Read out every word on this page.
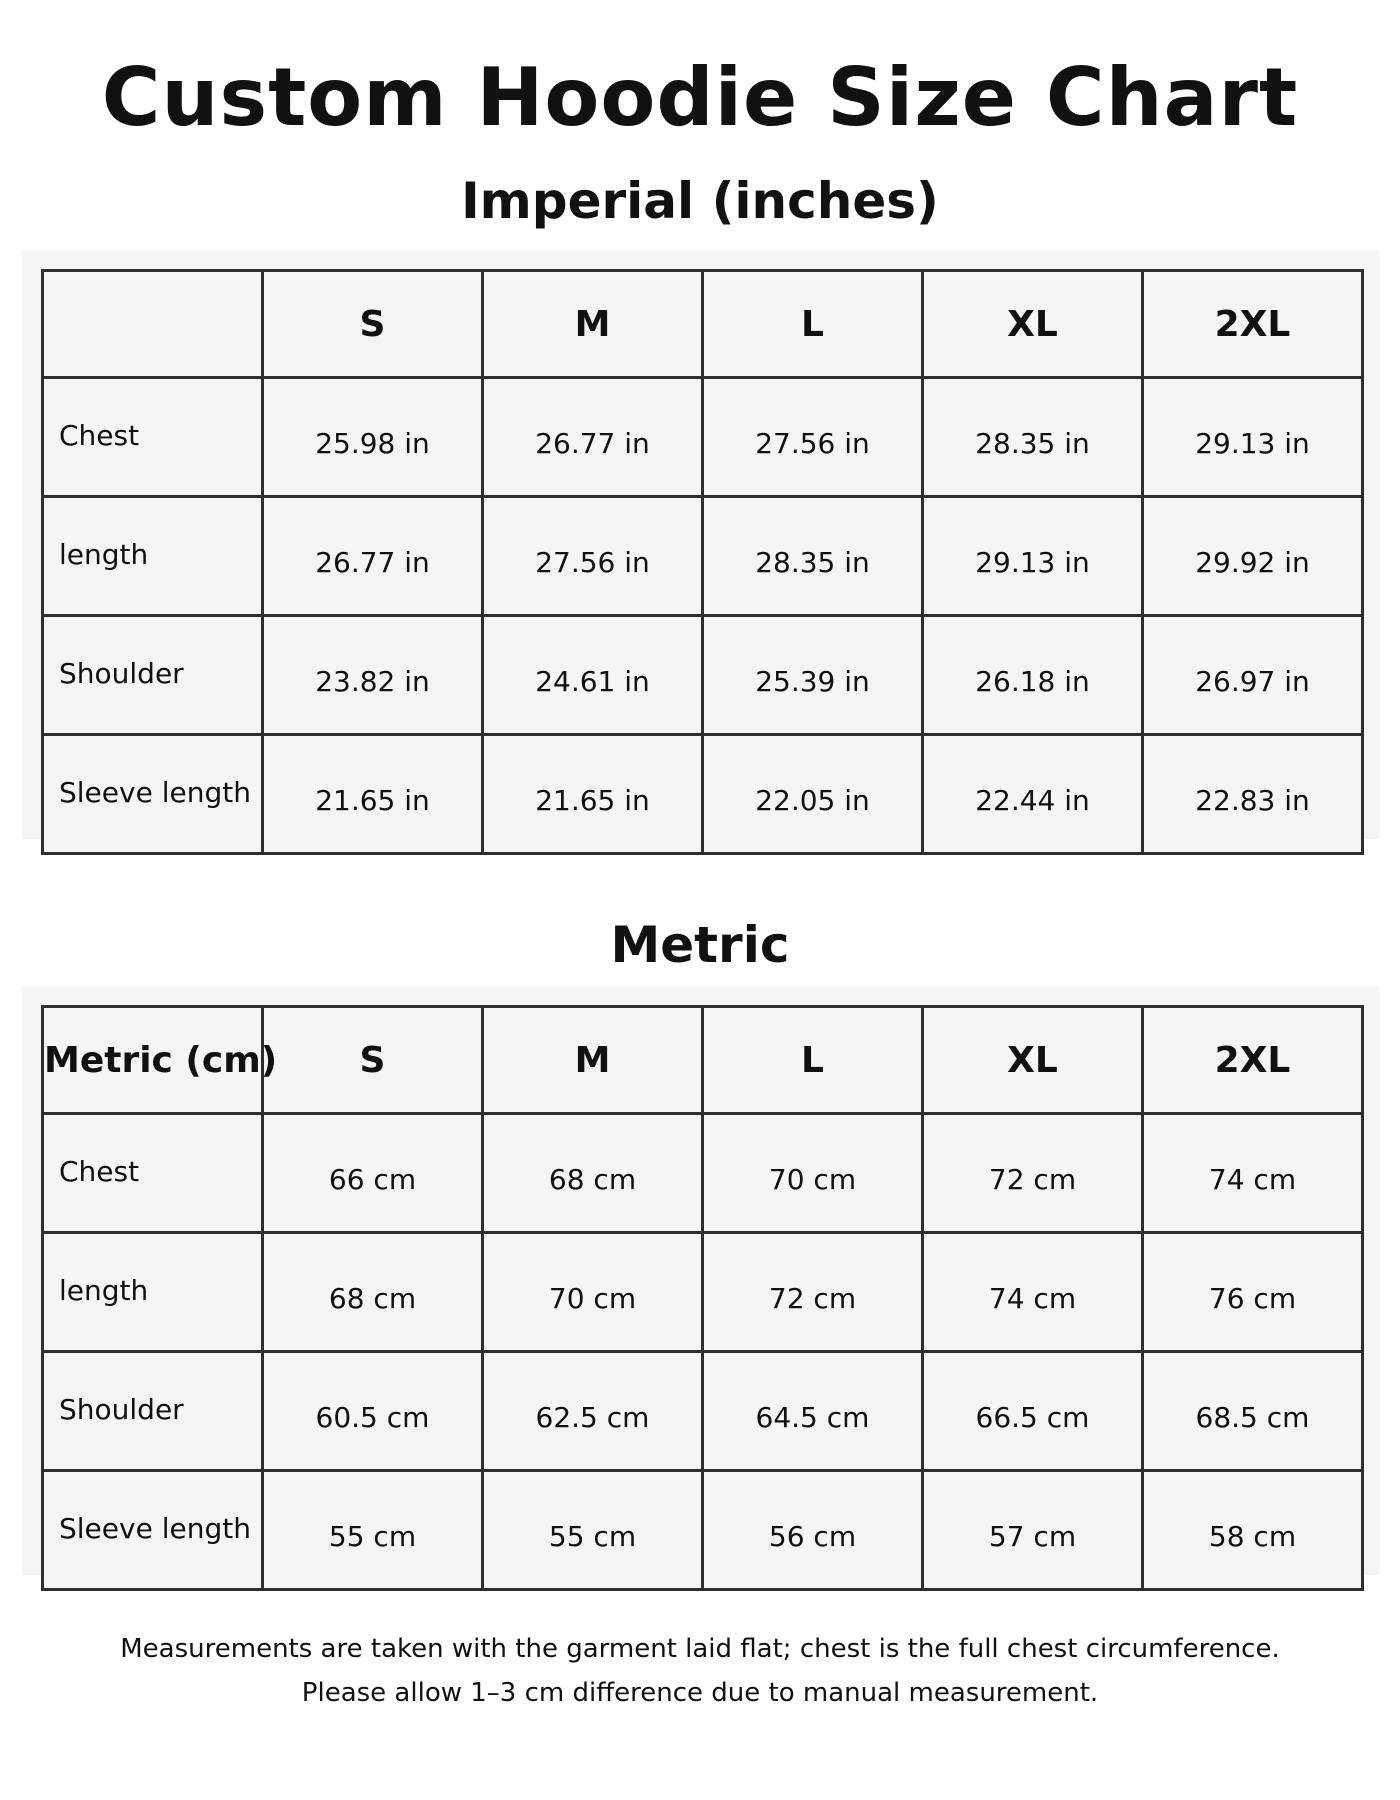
Custom Hoodie Size Chart
Imperial (inches)
	S	M	L	XL	2XL
Chest	25.98 in	26.77 in	27.56 in	28.35 in	29.13 in
length	26.77 in	27.56 in	28.35 in	29.13 in	29.92 in
Shoulder	23.82 in	24.61 in	25.39 in	26.18 in	26.97 in
Sleeve length	21.65 in	21.65 in	22.05 in	22.44 in	22.83 in
Metric
Metric (cm)	S	M	L	XL	2XL
Chest	66 cm	68 cm	70 cm	72 cm	74 cm
length	68 cm	70 cm	72 cm	74 cm	76 cm
Shoulder	60.5 cm	62.5 cm	64.5 cm	66.5 cm	68.5 cm
Sleeve length	55 cm	55 cm	56 cm	57 cm	58 cm
Measurements are taken with the garment laid flat; chest is the full chest circumference.
Please allow 1–3 cm difference due to manual measurement.
